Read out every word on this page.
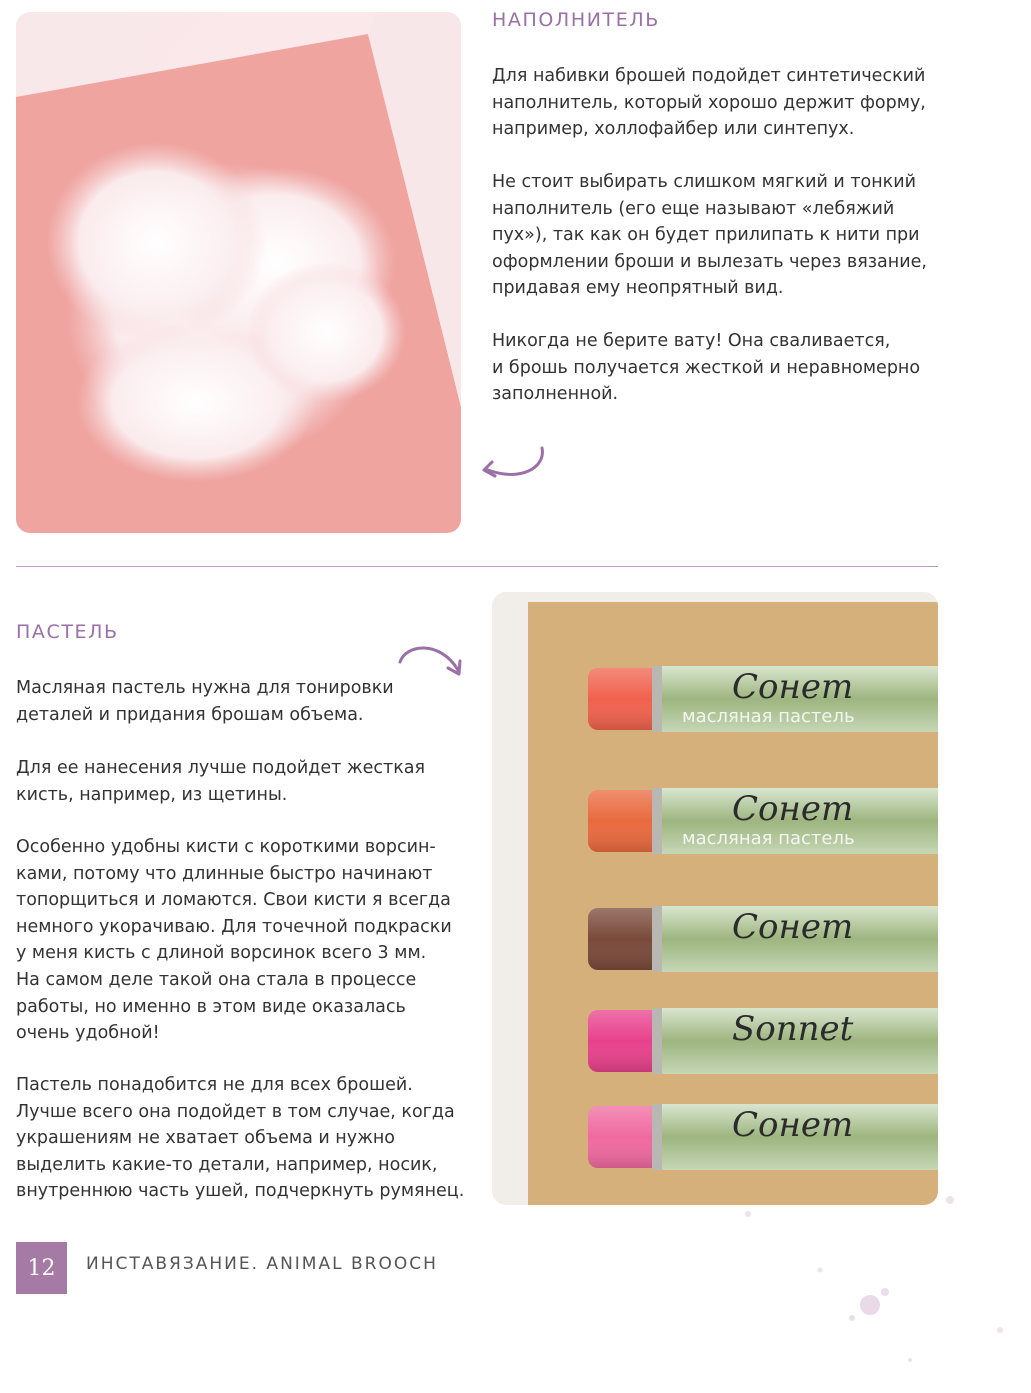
НАПОЛНИТЕЛЬ

Для набивки брошей подойдет синтетический
наполнитель, который хорошо держит форму,
например, холлофайбер или синтепух.

Не стоит выбирать слишком мягкий и тонкий
наполнитель (его еще называют «лебяжий
пух»), так как он будет прилипать к нити при
оформлении броши и вылезать через вязание,
придавая ему неопрятный вид.

Никогда не берите вату! Она сваливается,
и брошь получается жесткой и неравномерно
заполненной.

ПАСТЕЛЬ

Масляная пастель нужна для тонировки
деталей и придания брошам объема.

Для ее нанесения лучше подойдет жесткая
кисть, например, из щетины.

Особенно удобны кисти с короткими ворсин-
ками, потому что длинные быстро начинают
топорщиться и ломаются. Свои кисти я всегда
немного укорачиваю. Для точечной подкраски
у меня кисть с длиной ворсинок всего 3 мм.
На самом деле такой она стала в процессе
работы, но именно в этом виде оказалась
очень удобной!

Пастель понадобится не для всех брошей.
Лучше всего она подойдет в том случае, когда
украшениям не хватает объема и нужно
выделить какие-то детали, например, носик,
внутреннюю часть ушей, подчеркнуть румянец.

Сонет
масляная пастель
Сонет
масляная пастель
Сонет
Sonnet
Сонет
12	ИНСТАВЯЗАНИЕ. ANIMAL BROOCH
